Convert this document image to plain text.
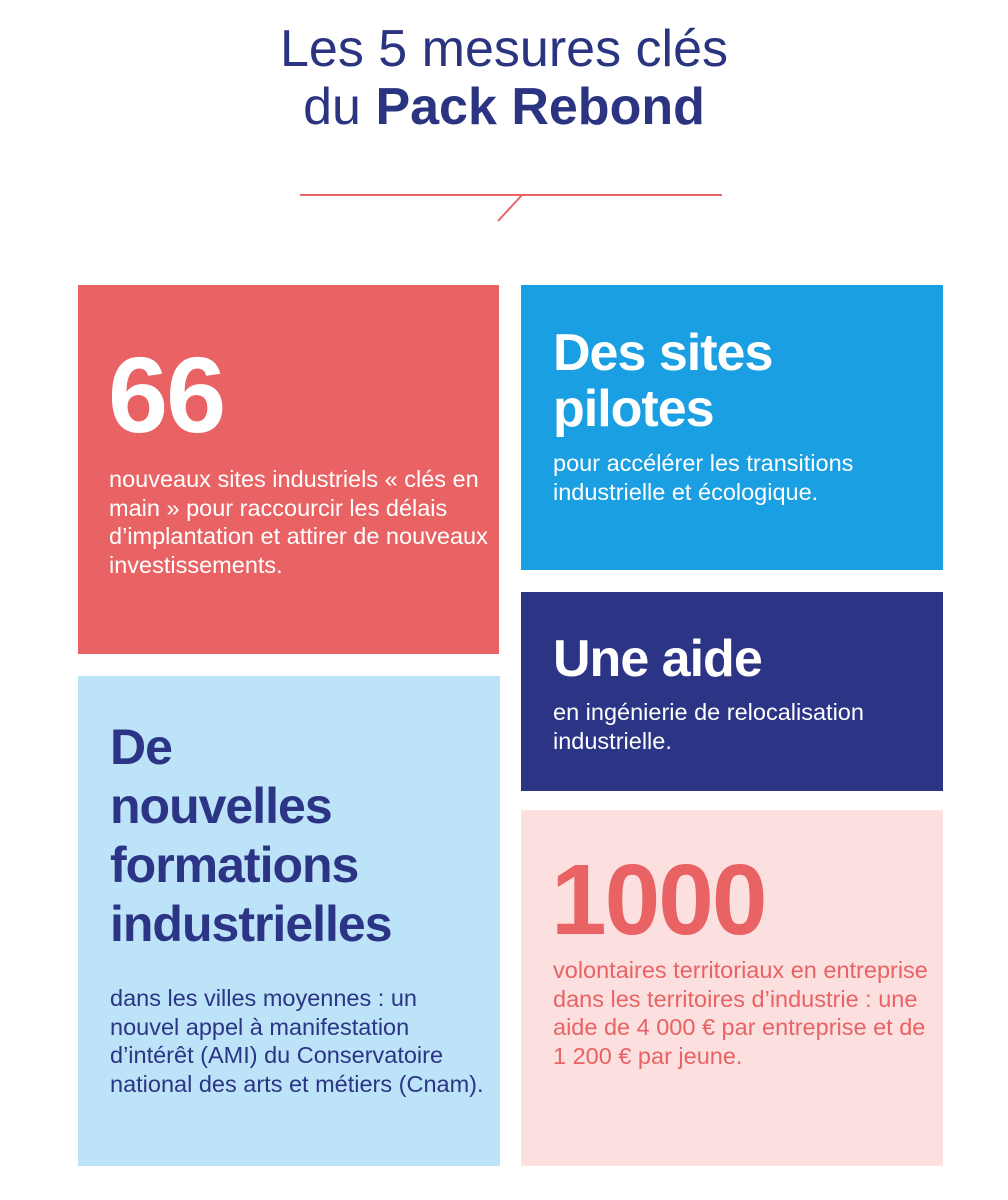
Les 5 mesures clés
du Pack Rebond
66
nouveaux sites industriels « clés en main » pour raccourcir les délais d’implantation et attirer de nouveaux investissements.
Des sites
pilotes
pour accélérer les transitions industrielle et écologique.
Une aide
en ingénierie de relocalisation industrielle.
De
nouvelles
formations
industrielles
dans les villes moyennes : un nouvel appel à manifestation d’intérêt (AMI) du Conservatoire national des arts et métiers (Cnam).
1000
volontaires territoriaux en entreprise dans les territoires d’industrie : une aide de 4 000 € par entreprise et de 1 200 € par jeune.
